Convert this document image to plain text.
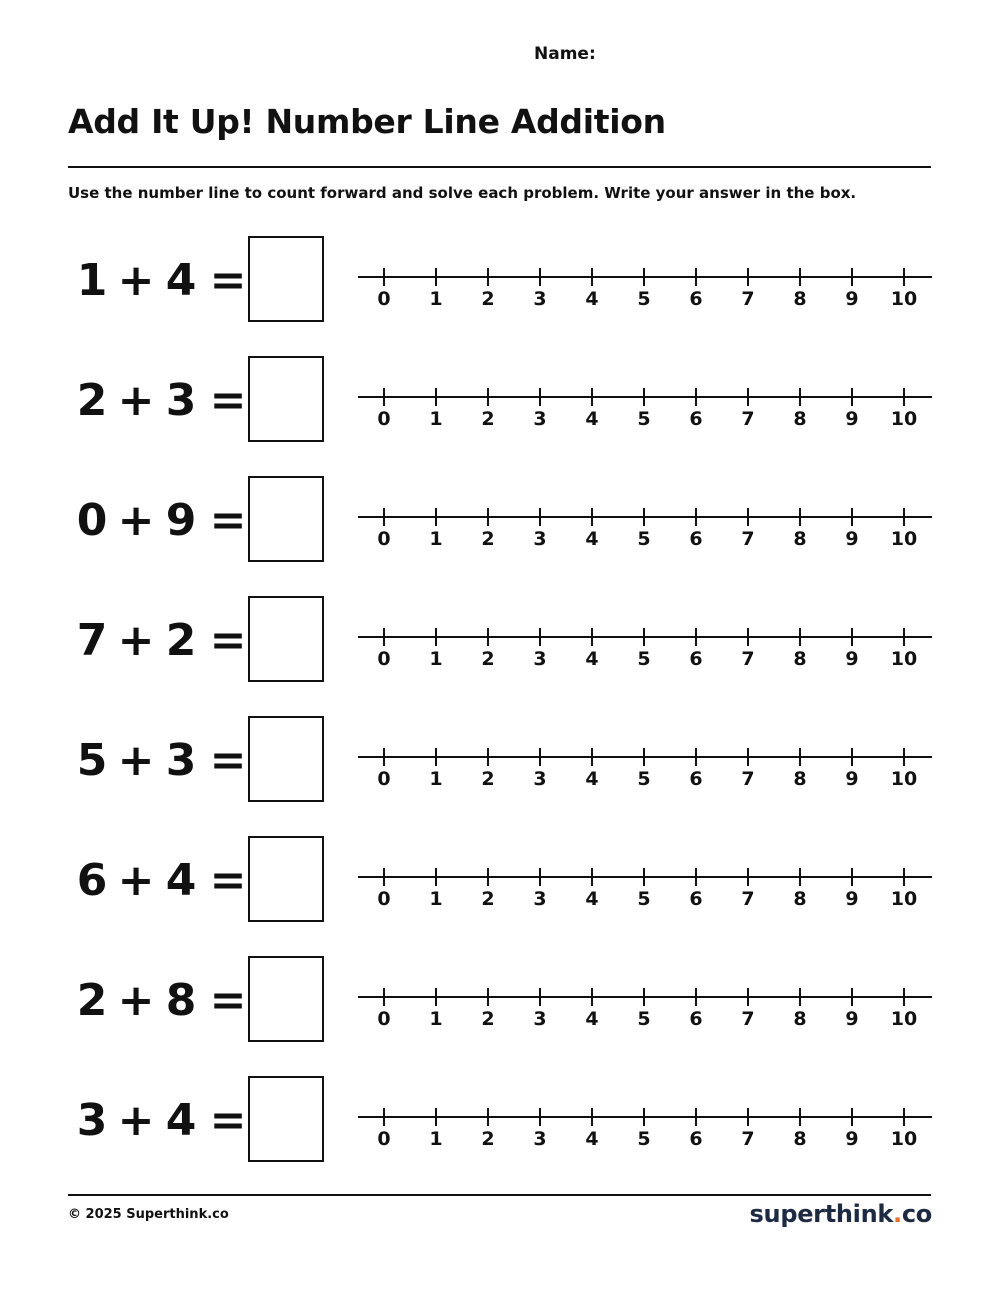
Name:
Add It Up! Number Line Addition
Use the number line to count forward and solve each problem. Write your answer in the box.
1 + 4 =	0 1 2 3 4 5 6 7 8 9 10
2 + 3 =	0 1 2 3 4 5 6 7 8 9 10
0 + 9 =	0 1 2 3 4 5 6 7 8 9 10
7 + 2 =	0 1 2 3 4 5 6 7 8 9 10
5 + 3 =	0 1 2 3 4 5 6 7 8 9 10
6 + 4 =	0 1 2 3 4 5 6 7 8 9 10
2 + 8 =	0 1 2 3 4 5 6 7 8 9 10
3 + 4 =	0 1 2 3 4 5 6 7 8 9 10
© 2025 Superthink.co	superthink.co
